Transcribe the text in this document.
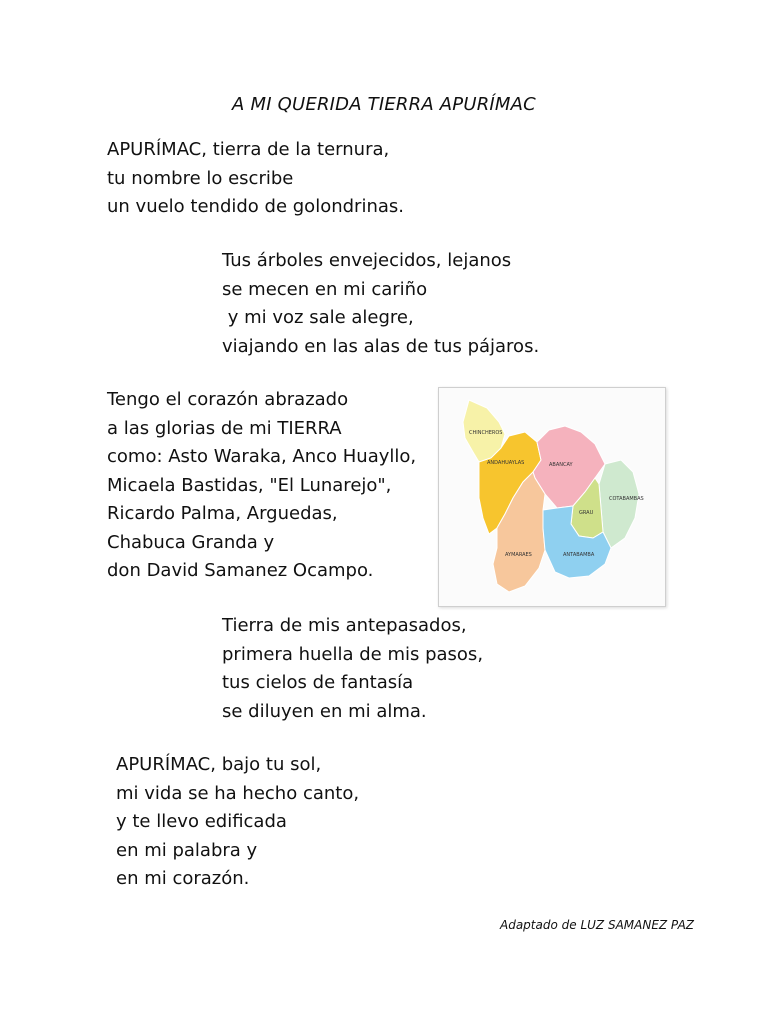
A MI QUERIDA TIERRA APURÍMAC
APURÍMAC, tierra de la ternura,
tu nombre lo escribe
un vuelo tendido de golondrinas.
Tus árboles envejecidos, lejanos
se mecen en mi cariño
y mi voz sale alegre,
viajando en las alas de tus pájaros.
Tengo el corazón abrazado
a las glorias de mi TIERRA
como: Asto Waraka, Anco Huayllo,
Micaela Bastidas, "El Lunarejo",
Ricardo Palma, Arguedas,
Chabuca Granda y
don David Samanez Ocampo.
CHINCHEROS
ANDAHUAYLAS	ABANCAY
COTABAMBAS
GRAU
AYMARAES	ANTABAMBA
Tierra de mis antepasados,
primera huella de mis pasos,
tus cielos de fantasía
se diluyen en mi alma.
APURÍMAC, bajo tu sol,
mi vida se ha hecho canto,
y te llevo edificada
en mi palabra y
en mi corazón.
Adaptado de LUZ SAMANEZ PAZ
